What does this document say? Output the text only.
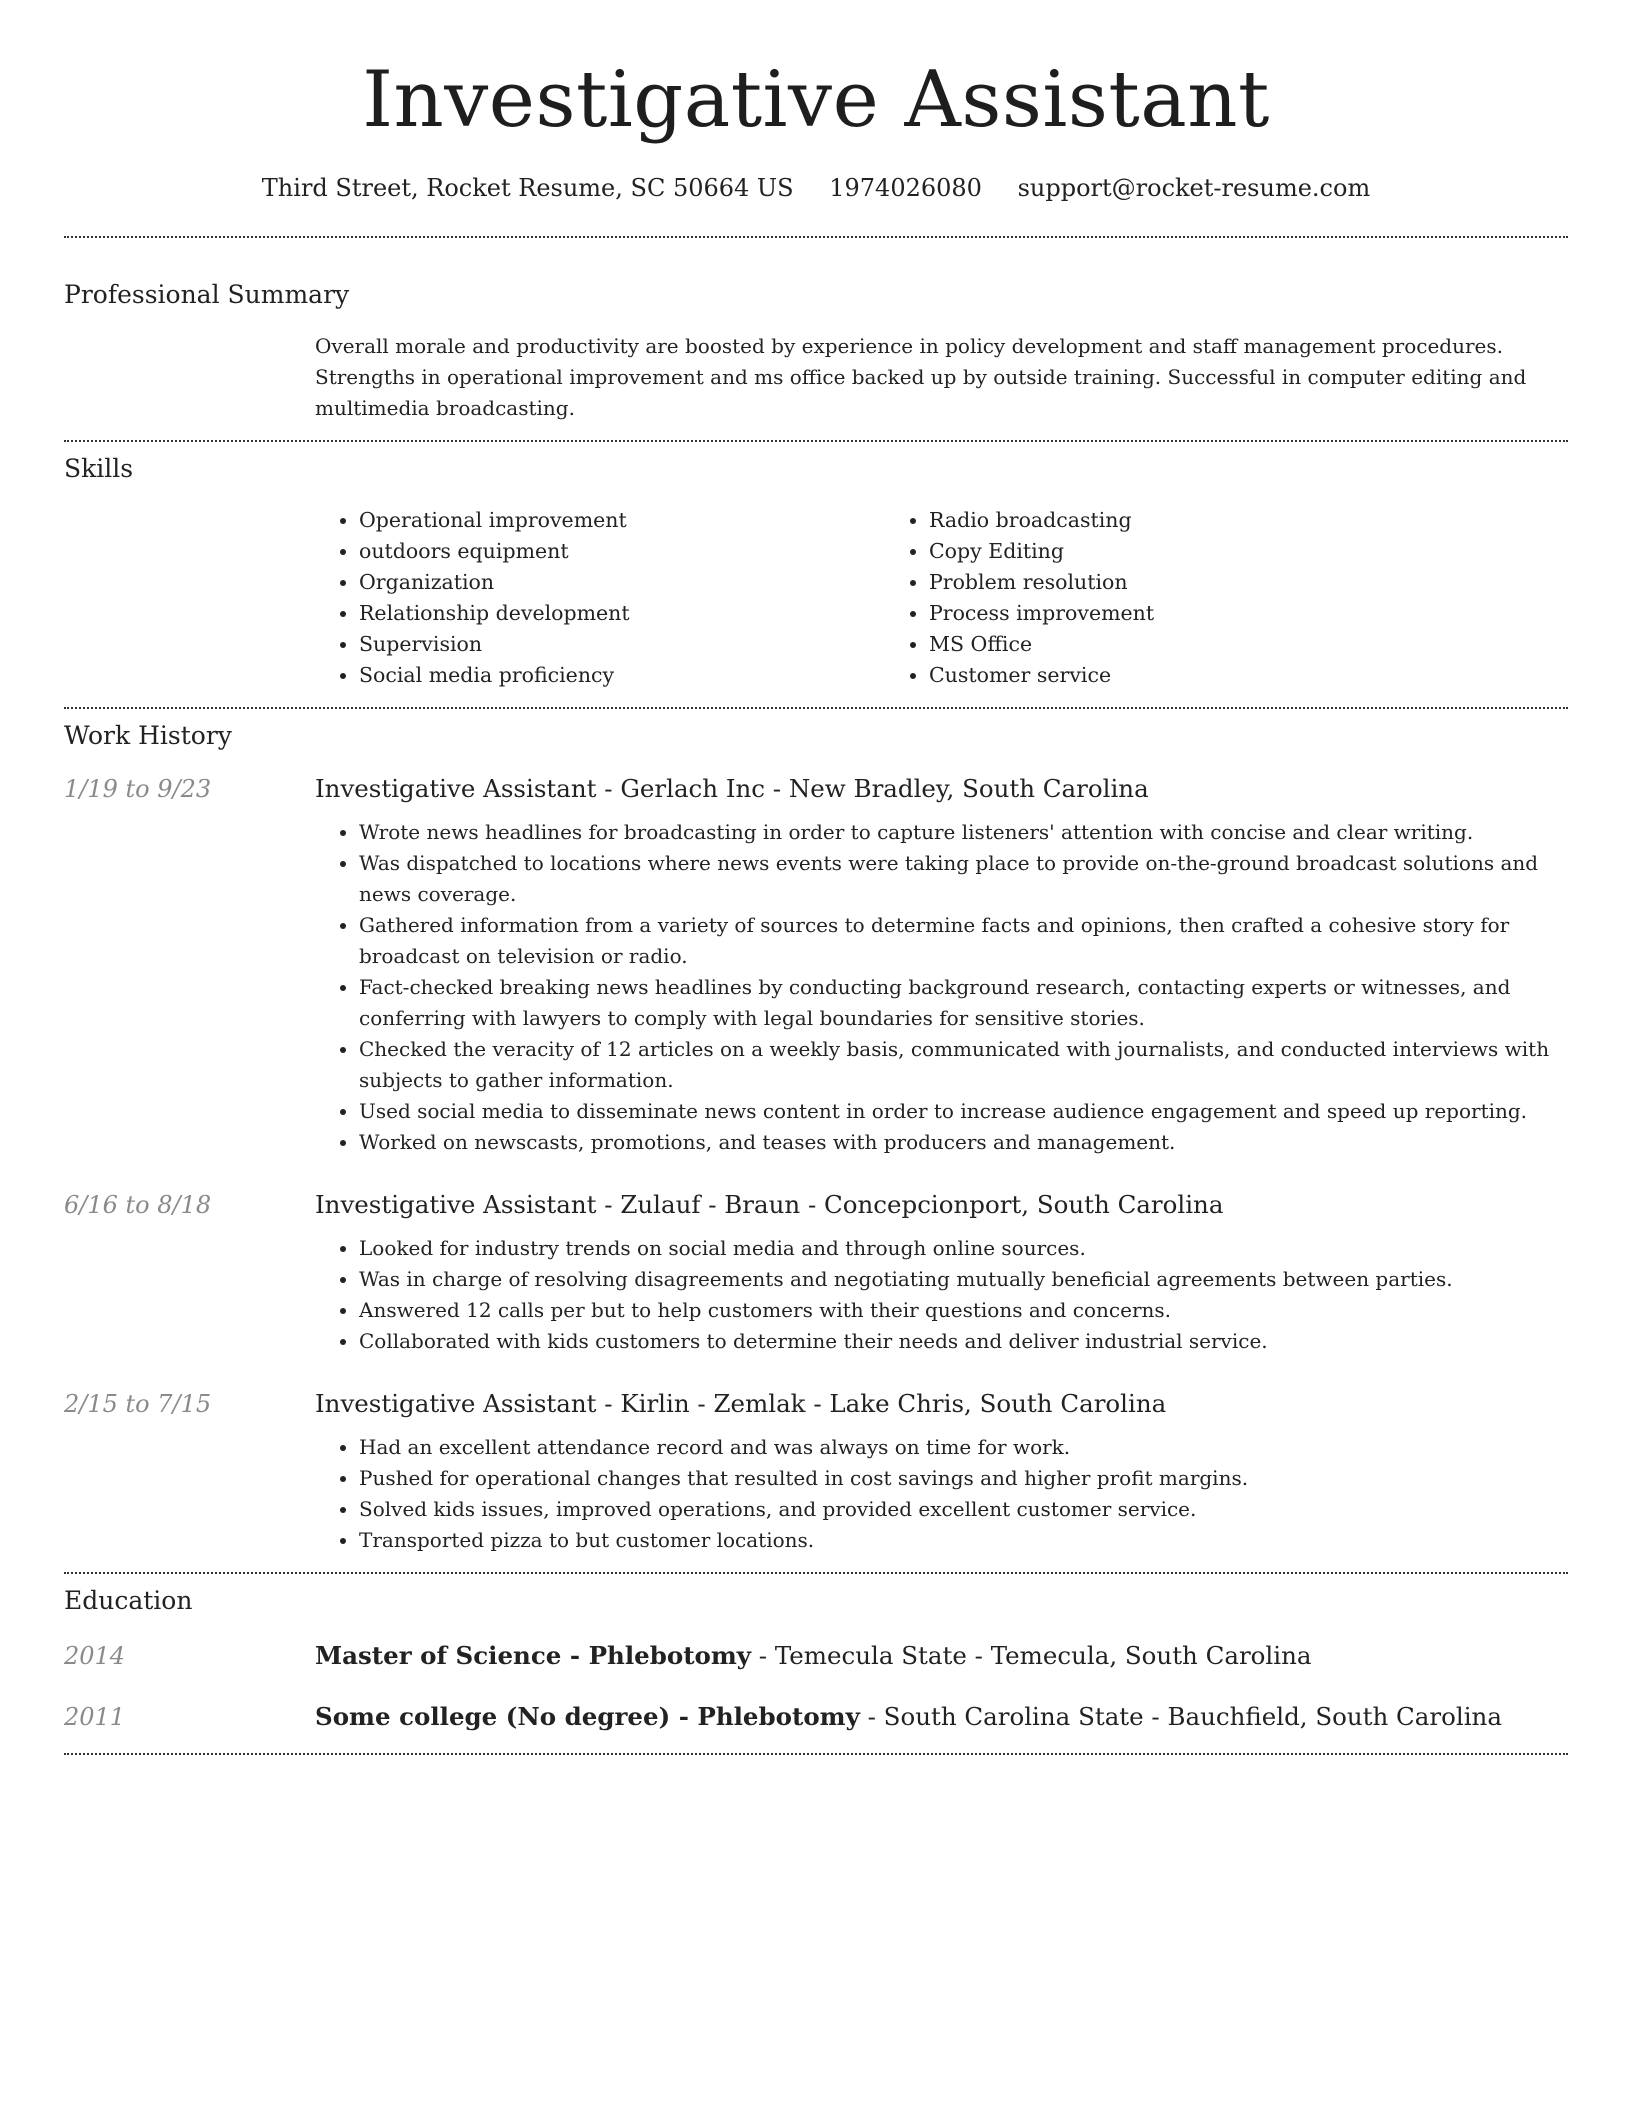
Investigative Assistant
Third Street, Rocket Resume, SC 50664 US 1974026080 support@rocket-resume.com
Professional Summary
Overall morale and productivity are boosted by experience in policy development and staff management procedures. Strengths in operational improvement and ms office backed up by outside training. Successful in computer editing and multimedia broadcasting.
Skills
• Operational improvement
• outdoors equipment
• Organization
• Relationship development
• Supervision
• Social media proficiency
• Radio broadcasting
• Copy Editing
• Problem resolution
• Process improvement
• MS Office
• Customer service
Work History
1/19 to 9/23	Investigative Assistant - Gerlach Inc - New Bradley, South Carolina
• Wrote news headlines for broadcasting in order to capture listeners' attention with concise and clear writing.
• Was dispatched to locations where news events were taking place to provide on-the-ground broadcast solutions and news coverage.
• Gathered information from a variety of sources to determine facts and opinions, then crafted a cohesive story for broadcast on television or radio.
• Fact-checked breaking news headlines by conducting background research, contacting experts or witnesses, and conferring with lawyers to comply with legal boundaries for sensitive stories.
• Checked the veracity of 12 articles on a weekly basis, communicated with journalists, and conducted interviews with subjects to gather information.
• Used social media to disseminate news content in order to increase audience engagement and speed up reporting.
• Worked on newscasts, promotions, and teases with producers and management.
6/16 to 8/18	Investigative Assistant - Zulauf - Braun - Concepcionport, South Carolina
• Looked for industry trends on social media and through online sources.
• Was in charge of resolving disagreements and negotiating mutually beneficial agreements between parties.
• Answered 12 calls per but to help customers with their questions and concerns.
• Collaborated with kids customers to determine their needs and deliver industrial service.
2/15 to 7/15	Investigative Assistant - Kirlin - Zemlak - Lake Chris, South Carolina
• Had an excellent attendance record and was always on time for work.
• Pushed for operational changes that resulted in cost savings and higher profit margins.
• Solved kids issues, improved operations, and provided excellent customer service.
• Transported pizza to but customer locations.
Education
2014	Master of Science - Phlebotomy - Temecula State - Temecula, South Carolina
2011	Some college (No degree) - Phlebotomy - South Carolina State - Bauchfield, South Carolina
